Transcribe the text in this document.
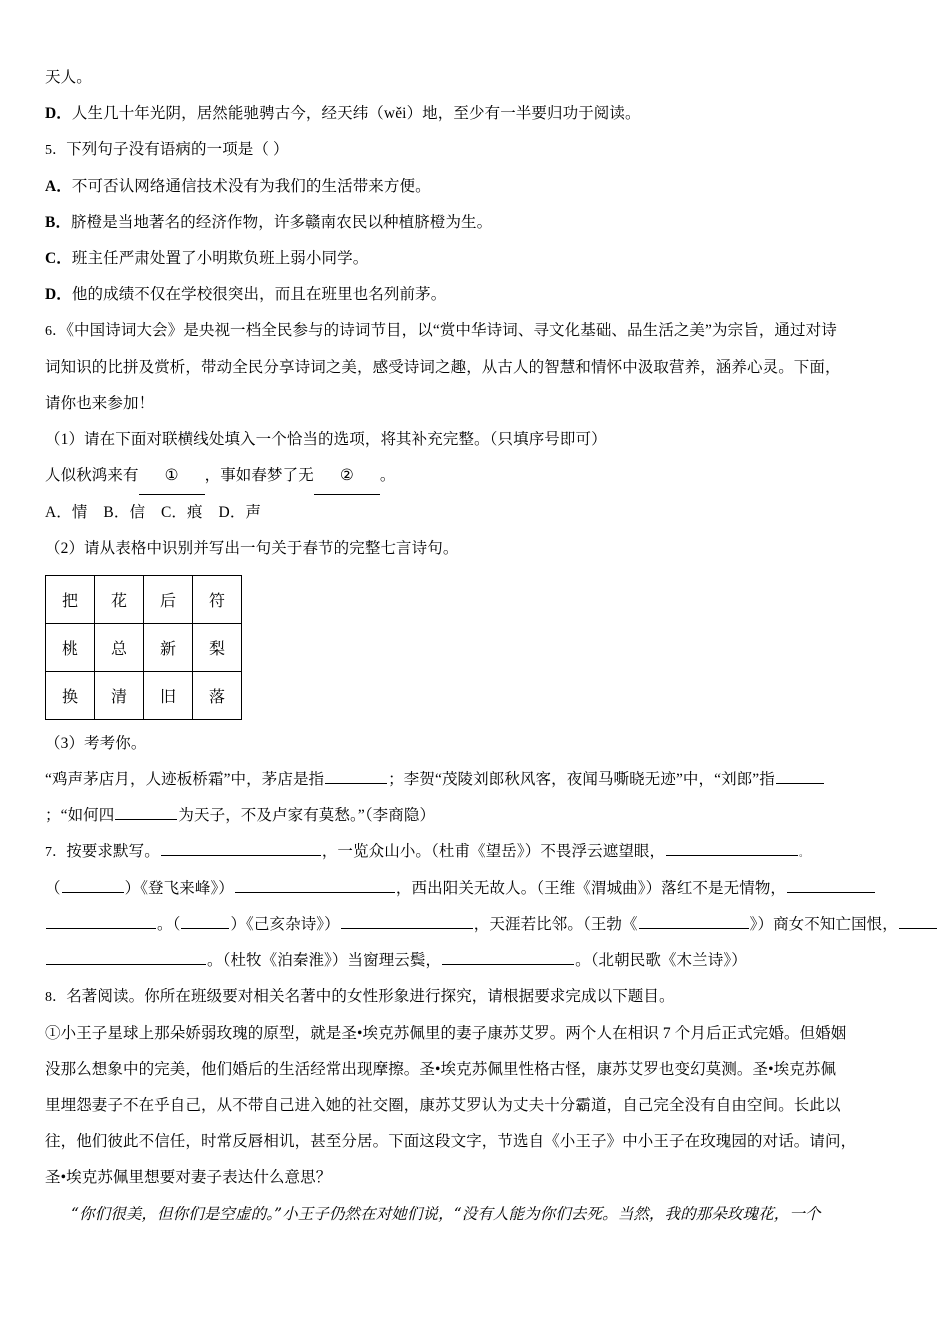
天人。
D．人生几十年光阴，居然能驰骋古今，经天纬（wěi）地，至少有一半要归功于阅读。
5．下列句子没有语病的一项是（ ）
A．不可否认网络通信技术没有为我们的生活带来方便。
B．脐橙是当地著名的经济作物，许多赣南农民以种植脐橙为生。
C．班主任严肃处置了小明欺负班上弱小同学。
D．他的成绩不仅在学校很突出，而且在班里也名列前茅。
6．《中国诗词大会》是央视一档全民参与的诗词节目，以“赏中华诗词、寻文化基础、品生活之美”为宗旨，通过对诗
词知识的比拼及赏析，带动全民分享诗词之美，感受诗词之趣，从古人的智慧和情怀中汲取营养，涵养心灵。下面，
请你也来参加！
（1）请在下面对联横线处填入一个恰当的选项，将其补充完整。（只填序号即可）
人似秋鸿来有 ① ，事如春梦了无 ② 。
A．情 B．信 C．痕 D．声
（2）请从表格中识别并写出一句关于春节的完整七言诗句。
把	花	后	符
桃	总	新	梨
换	清	旧	落
（3）考考你。
“鸡声茅店月，人迹板桥霜”中，茅店是指	；李贺“茂陵刘郎秋风客，夜闻马嘶晓无迹”中，“刘郎”指
；“如何四	为天子，不及卢家有莫愁。”（李商隐）
7．按要求默写。	，一览众山小。（杜甫《望岳》）不畏浮云遮望眼，	。
（	）《登飞来峰》）	，西出阳关无故人。（王维《渭城曲》）落红不是无情物，
。（	）《己亥杂诗》）	，天涯若比邻。（王勃《	》）商女不知亡国恨，
。（杜牧《泊秦淮》）当窗理云鬓，	。（北朝民歌《木兰诗》）
8．名著阅读。你所在班级要对相关名著中的女性形象进行探究，请根据要求完成以下题目。
①小王子星球上那朵娇弱玫瑰的原型，就是圣•埃克苏佩里的妻子康苏艾罗。两个人在相识 7 个月后正式完婚。但婚姻
没那么想象中的完美，他们婚后的生活经常出现摩擦。圣•埃克苏佩里性格古怪，康苏艾罗也变幻莫测。圣•埃克苏佩
里埋怨妻子不在乎自己，从不带自己进入她的社交圈，康苏艾罗认为丈夫十分霸道，自己完全没有自由空间。长此以
往，他们彼此不信任，时常反唇相讥，甚至分居。下面这段文字，节选自《小王子》中小王子在玫瑰园的对话。请问，
圣•埃克苏佩里想要对妻子表达什么意思？
“你们很美，但你们是空虚的。”小王子仍然在对她们说，“没有人能为你们去死。当然，我的那朵玫瑰花，一个
